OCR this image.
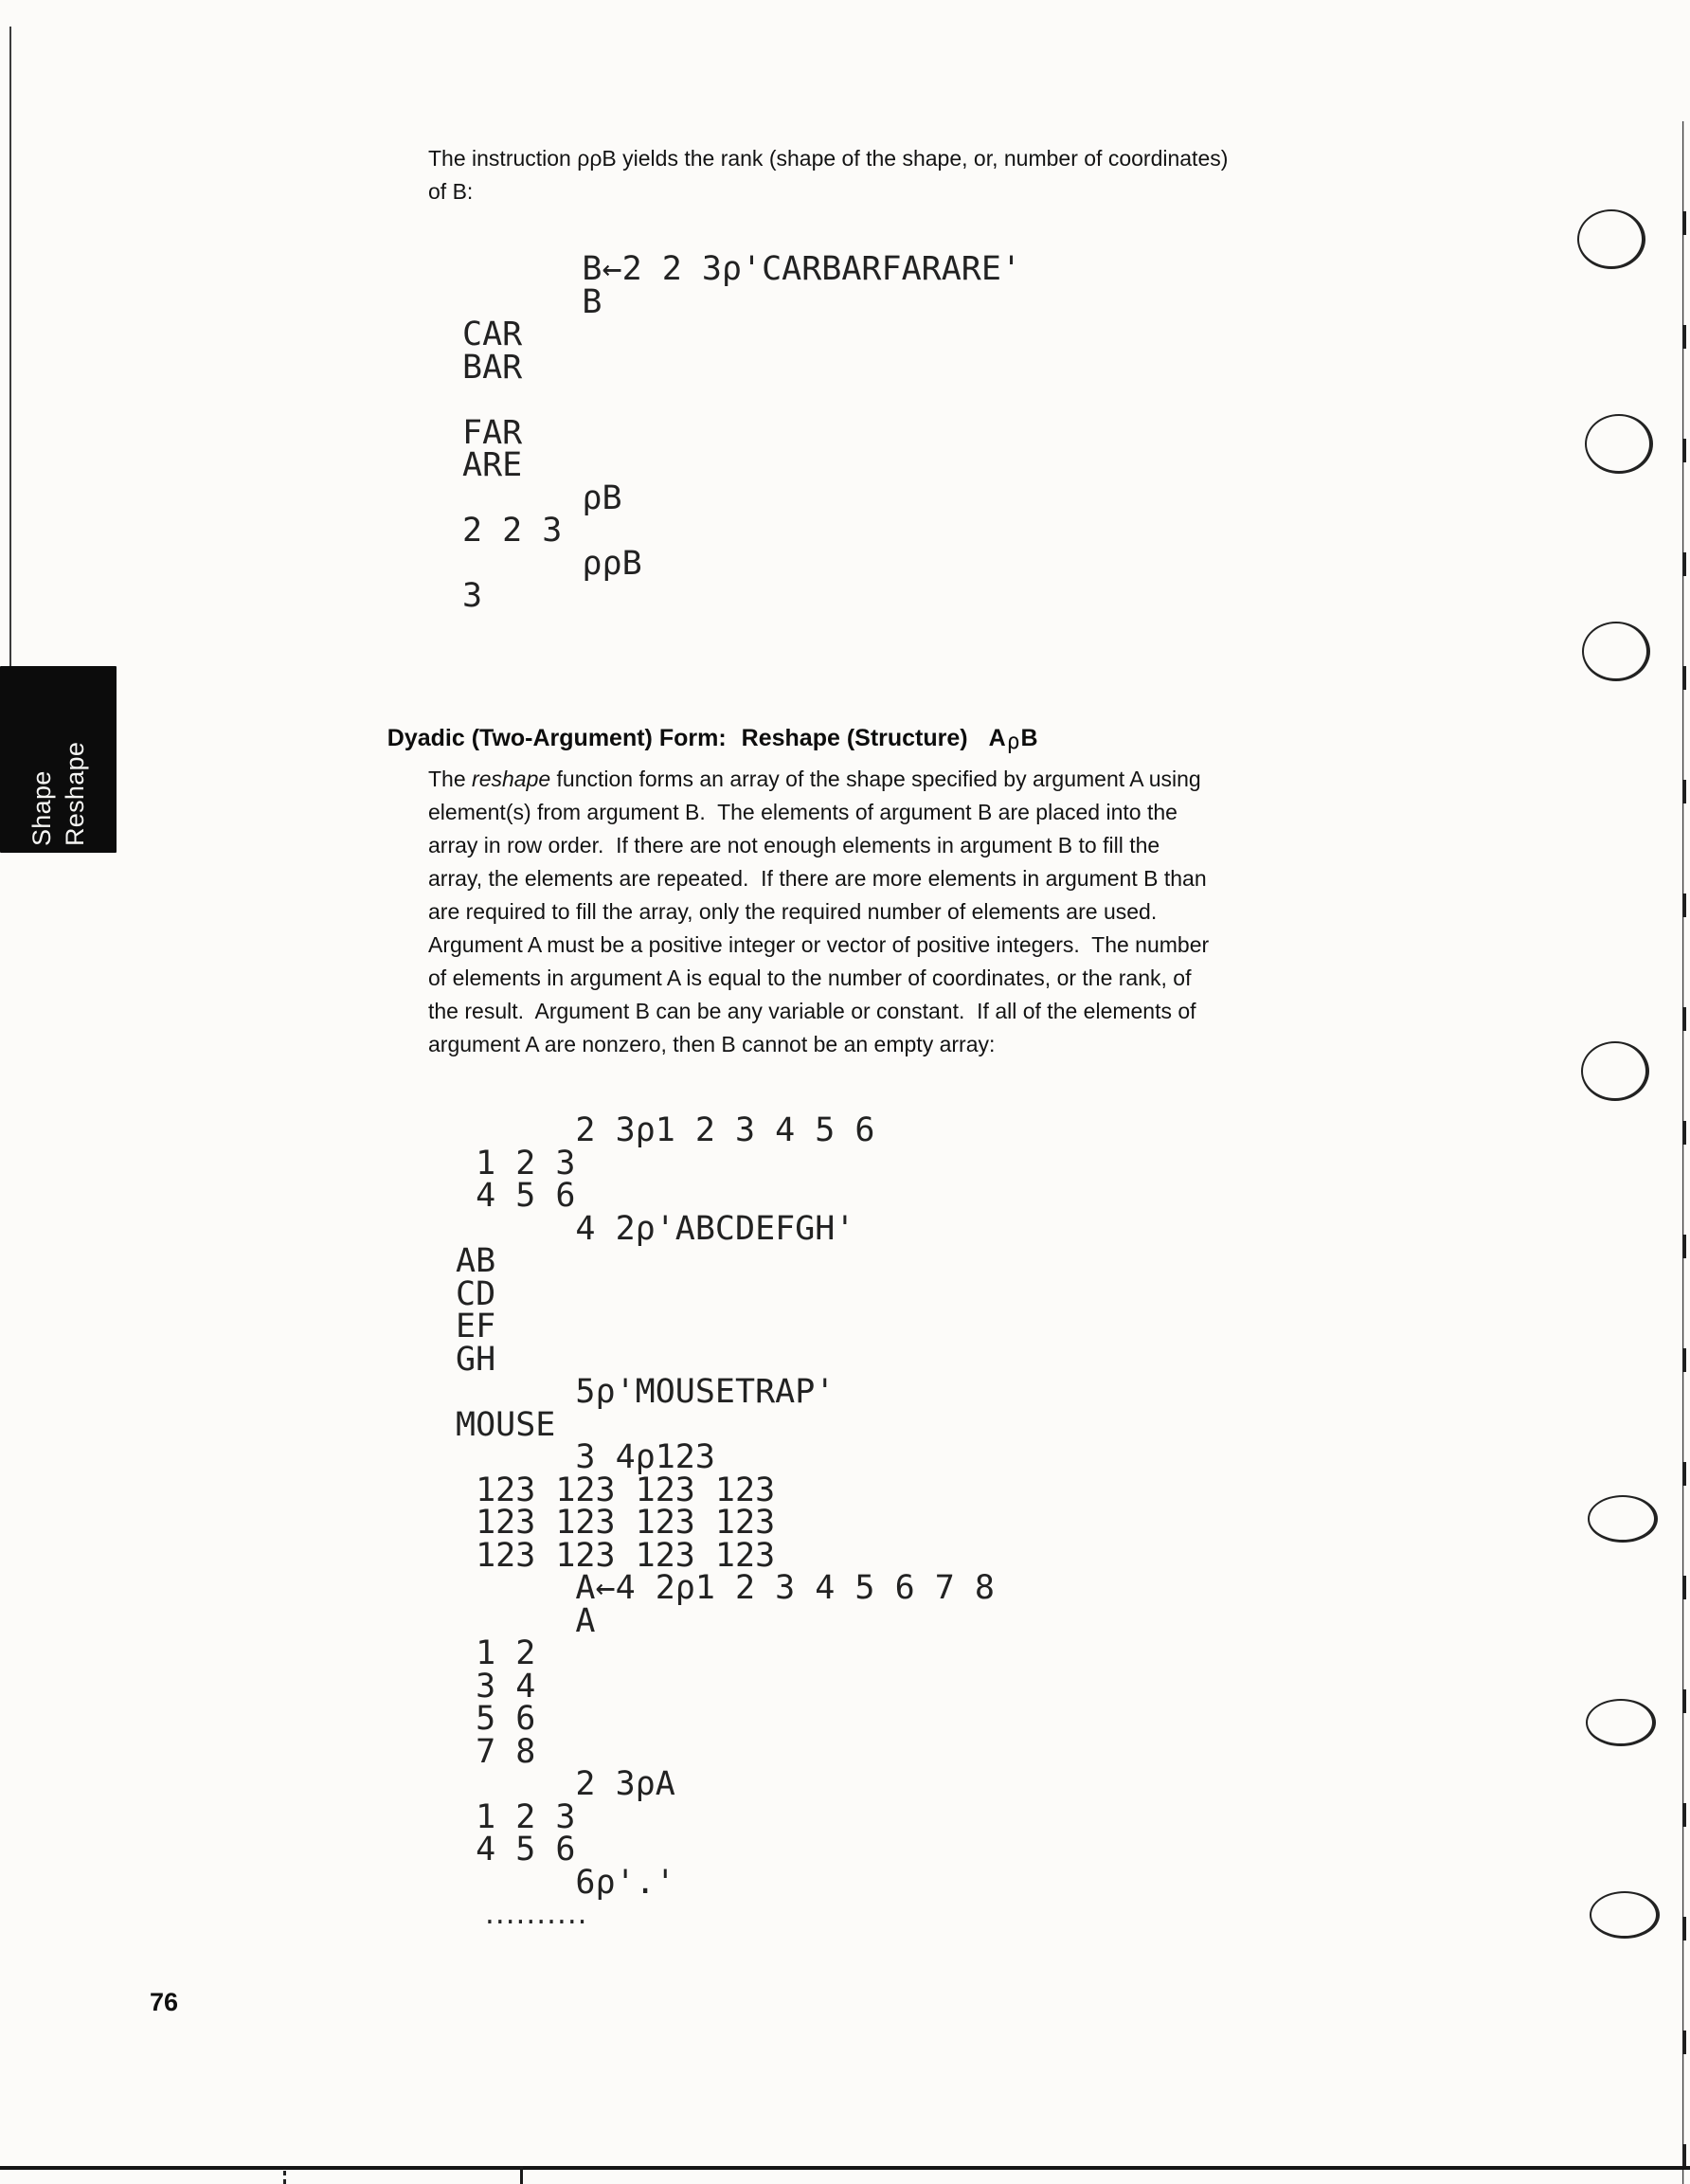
Shape Reshape
The instruction ρρB yields the rank (shape of the shape, or, number of coordinates)
of B:
B←2 2 3ρ'CARBARFARARE'
B
CAR
BAR
FAR
ARE
ρB
2 2 3
ρρB
3

Dyadic (Two-Argument) Form: Reshape (Structure) AρB

The reshape function forms an array of the shape specified by argument A using
element(s) from argument B.  The elements of argument B are placed into the
array in row order.  If there are not enough elements in argument B to fill the
array, the elements are repeated.  If there are more elements in argument B than
are required to fill the array, only the required number of elements are used.
Argument A must be a positive integer or vector of positive integers.  The number
of elements in argument A is equal to the number of coordinates, or the rank, of
the result.  Argument B can be any variable or constant.  If all of the elements of
argument A are nonzero, then B cannot be an empty array:
2 3ρ1 2 3 4 5 6
1 2 3
4 5 6
4 2ρ'ABCDEFGH'
AB
CD
EF
GH
5ρ'MOUSETRAP'
MOUSE
3 4ρ123
123 123 123 123
123 123 123 123
123 123 123 123
A←4 2ρ1 2 3 4 5 6 7 8
A
1 2
3 4
5 6
7 8
2 3ρA
1 2 3
4 5 6
6ρ'.'
..........
76
